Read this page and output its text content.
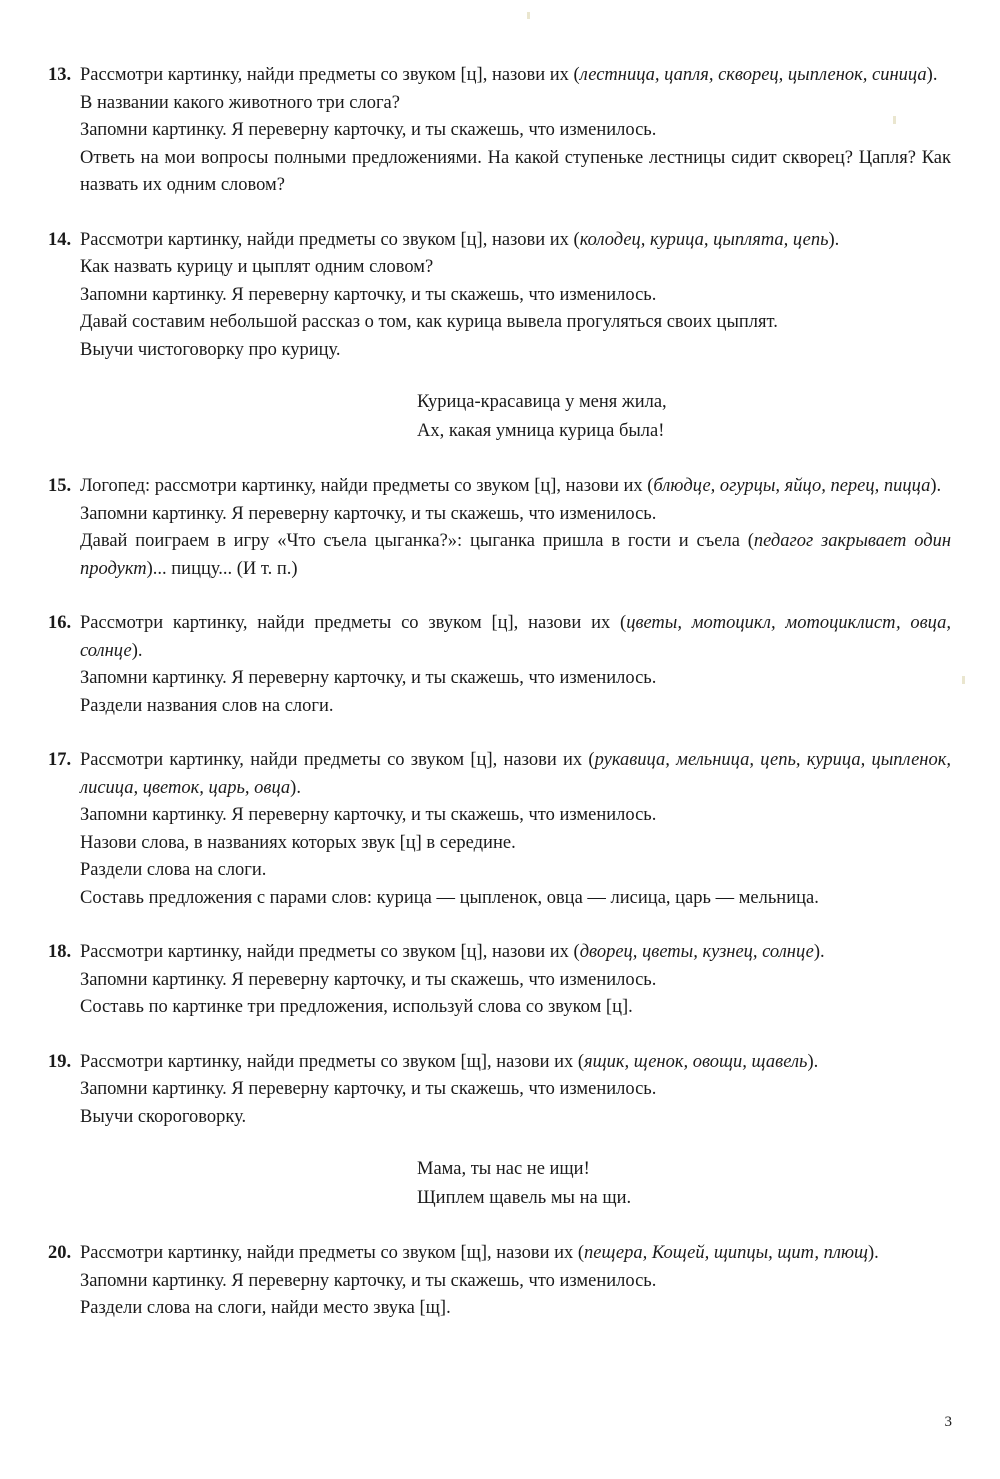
13. Рассмотри картинку, найди предметы со звуком [ц], назови их (лестница, цапля, скворец, цыпленок, синица).
В названии какого животного три слога?
Запомни картинку. Я переверну карточку, и ты скажешь, что изменилось.
Ответь на мои вопросы полными предложениями. На какой ступеньке лестницы сидит скворец? Цапля? Как назвать их одним словом?
14. Рассмотри картинку, найди предметы со звуком [ц], назови их (колодец, курица, цыплята, цепь).
Как назвать курицу и цыплят одним словом?
Запомни картинку. Я переверну карточку, и ты скажешь, что изменилось.
Давай составим небольшой рассказ о том, как курица вывела прогуляться своих цыплят.
Выучи чистоговорку про курицу.
Курица-красавица у меня жила,
Ах, какая умница курица была!
15. Логопед: рассмотри картинку, найди предметы со звуком [ц], назови их (блюдце, огурцы, яйцо, перец, пицца).
Запомни картинку. Я переверну карточку, и ты скажешь, что изменилось.
Давай поиграем в игру «Что съела цыганка?»: цыганка пришла в гости и съела (педагог закрывает один продукт)... пиццу... (И т. п.)
16. Рассмотри картинку, найди предметы со звуком [ц], назови их (цветы, мотоцикл, мотоциклист, овца, солнце).
Запомни картинку. Я переверну карточку, и ты скажешь, что изменилось.
Раздели названия слов на слоги.
17. Рассмотри картинку, найди предметы со звуком [ц], назови их (рукавица, мельница, цепь, курица, цыпленок, лисица, цветок, царь, овца).
Запомни картинку. Я переверну карточку, и ты скажешь, что изменилось.
Назови слова, в названиях которых звук [ц] в середине.
Раздели слова на слоги.
Составь предложения с парами слов: курица — цыпленок, овца — лисица, царь — мельница.
18. Рассмотри картинку, найди предметы со звуком [ц], назови их (дворец, цветы, кузнец, солнце).
Запомни картинку. Я переверну карточку, и ты скажешь, что изменилось.
Составь по картинке три предложения, используй слова со звуком [ц].
19. Рассмотри картинку, найди предметы со звуком [щ], назови их (ящик, щенок, овощи, щавель).
Запомни картинку. Я переверну карточку, и ты скажешь, что изменилось.
Выучи скороговорку.
Мама, ты нас не ищи!
Щиплем щавель мы на щи.
20. Рассмотри картинку, найди предметы со звуком [щ], назови их (пещера, Кощей, щипцы, щит, плющ).
Запомни картинку. Я переверну карточку, и ты скажешь, что изменилось.
Раздели слова на слоги, найди место звука [щ].
3
